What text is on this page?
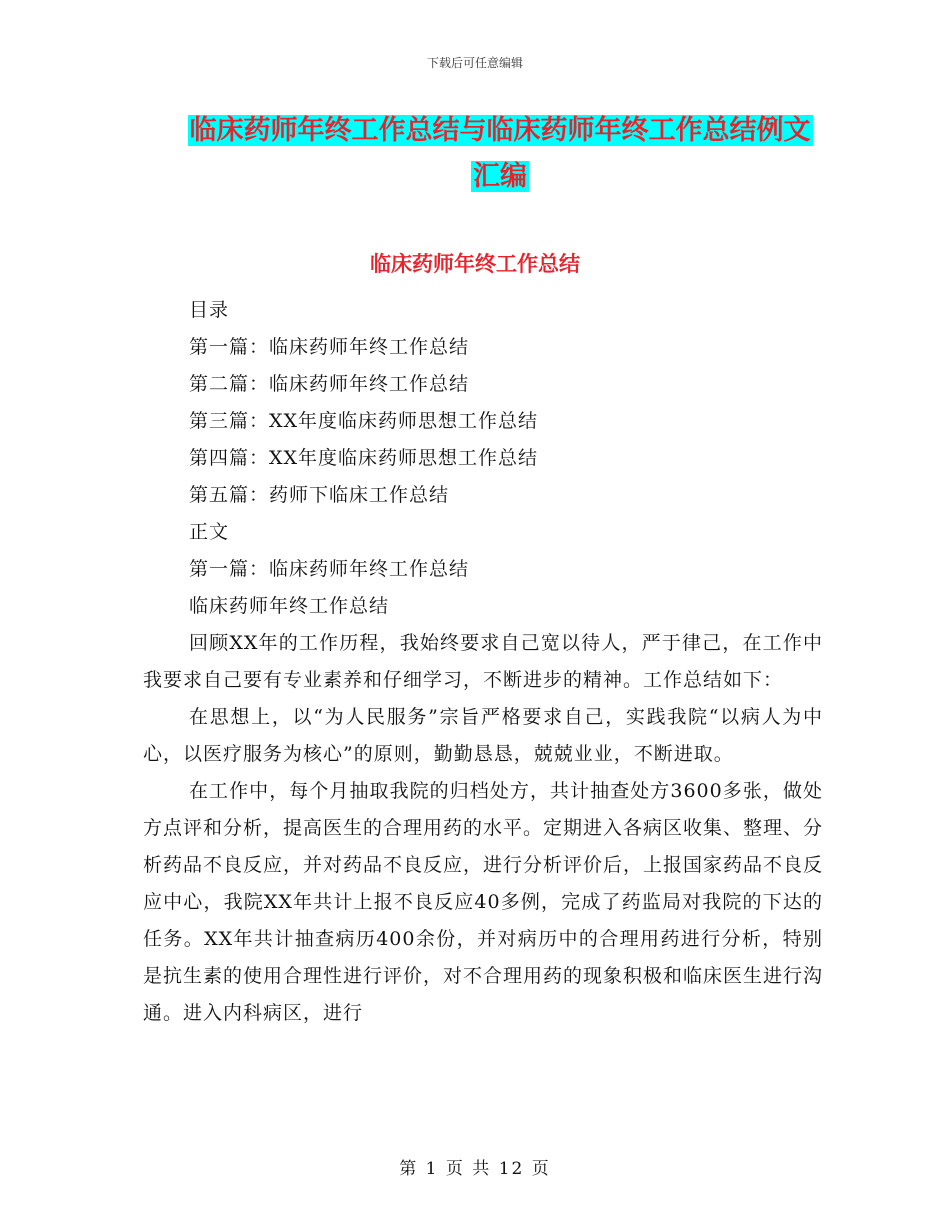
下载后可任意编辑
临床药师年终工作总结与临床药师年终工作总结例文
汇编
临床药师年终工作总结
目录
第一篇：临床药师年终工作总结
第二篇：临床药师年终工作总结
第三篇：XX年度临床药师思想工作总结
第四篇：XX年度临床药师思想工作总结
第五篇：药师下临床工作总结
正文
第一篇：临床药师年终工作总结
临床药师年终工作总结
回顾XX年的工作历程，我始终要求自己宽以待人，严于律己，在工作中我要求自己要有专业素养和仔细学习，不断进步的精神。工作总结如下：
在思想上，以“为人民服务”宗旨严格要求自己，实践我院“以病人为中心，以医疗服务为核心”的原则，勤勤恳恳，兢兢业业，不断进取。
在工作中，每个月抽取我院的归档处方，共计抽查处方3600多张，做处方点评和分析，提高医生的合理用药的水平。定期进入各病区收集、整理、分析药品不良反应，并对药品不良反应，进行分析评价后，上报国家药品不良反应中心，我院XX年共计上报不良反应40多例，完成了药监局对我院的下达的任务。XX年共计抽查病历400余份，并对病历中的合理用药进行分析，特别是抗生素的使用合理性进行评价，对不合理用药的现象积极和临床医生进行沟通。进入内科病区，进行
第 1 页 共 12 页
